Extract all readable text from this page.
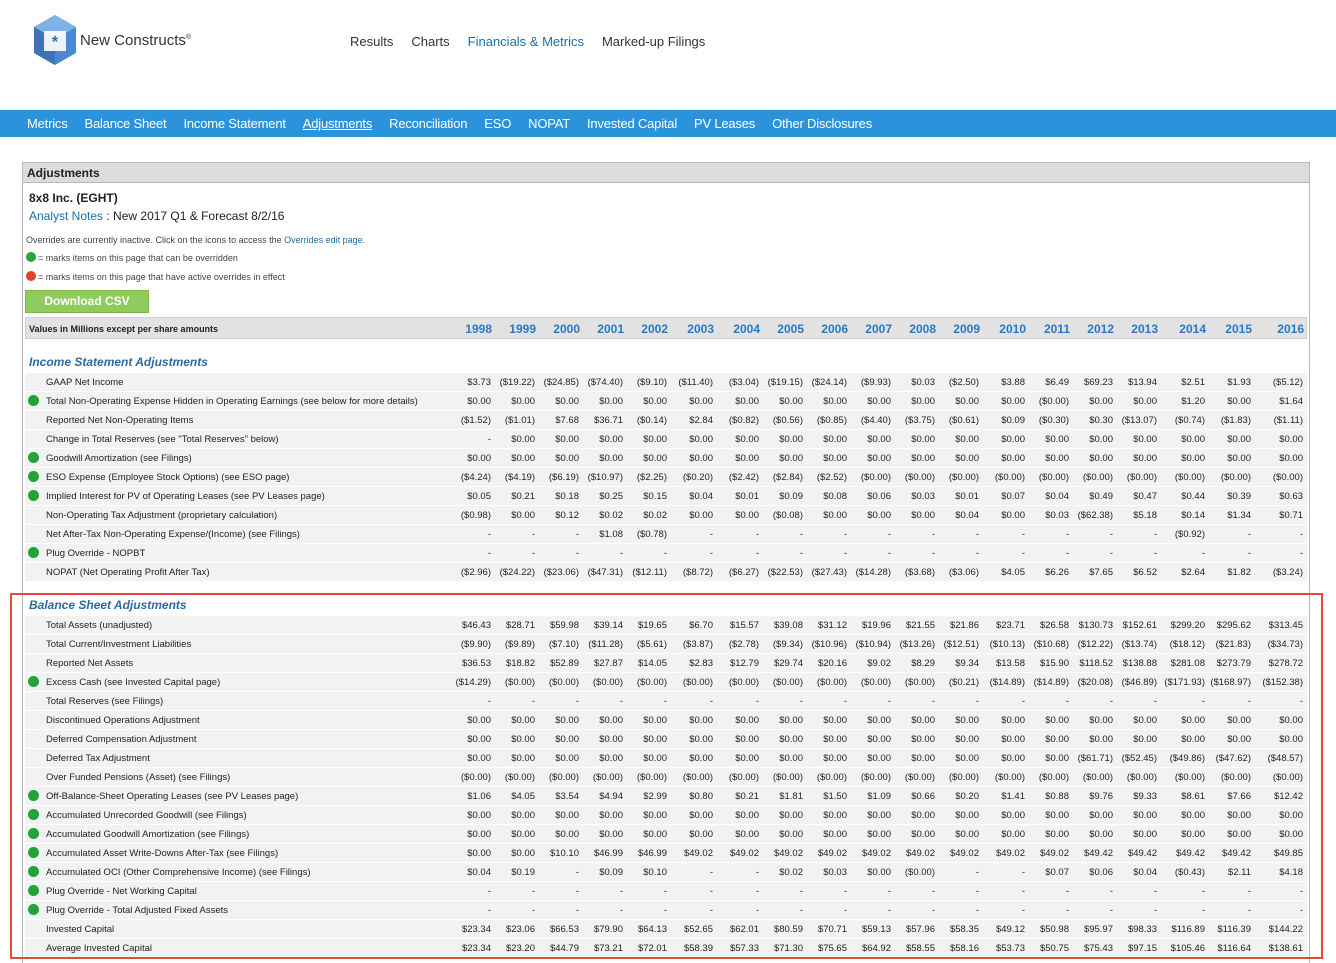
* New Constructs®	Results Charts Financials & Metrics Marked-up Filings
Metrics Balance Sheet Income Statement Adjustments Reconciliation ESO NOPAT Invested Capital PV Leases Other Disclosures
Adjustments
8x8 Inc. (EGHT)
Analyst Notes : New 2017 Q1 & Forecast 8/2/16
Overrides are currently inactive. Click on the icons to access the Overrides edit page.
= marks items on this page that can be overridden
= marks items on this page that have active overrides in effect
Download CSV
Values in Millions except per share amounts	1998	1999	2000	2001	2002	2003	2004	2005	2006	2007	2008	2009	2010	2011	2012	2013	2014	2015	2016
Income Statement Adjustments
GAAP Net Income	$3.73 ($19.22) ($24.85) ($74.40)	($9.10)	($11.40)	($3.04) ($19.15) ($24.14)	($9.93)	$0.03	($2.50)	$3.88	$6.49	$69.23	$13.94	$2.51	$1.93	($5.12)
Total Non-Operating Expense Hidden in Operating Earnings (see below for more details)	$0.00	$0.00	$0.00	$0.00	$0.00	$0.00	$0.00	$0.00	$0.00	$0.00	$0.00	$0.00	$0.00	($0.00)	$0.00	$0.00	$1.20	$0.00	$1.64
Reported Net Non-Operating Items	($1.52)	($1.01)	$7.68	$36.71	($0.14)	$2.84	($0.82)	($0.56)	($0.85)	($4.40)	($3.75)	($0.61)	$0.09	($0.30)	$0.30 ($13.07)	($0.74)	($1.83)	($1.11)
Change in Total Reserves (see "Total Reserves" below)	-	$0.00	$0.00	$0.00	$0.00	$0.00	$0.00	$0.00	$0.00	$0.00	$0.00	$0.00	$0.00	$0.00	$0.00	$0.00	$0.00	$0.00	$0.00
Goodwill Amortization (see Filings)	$0.00	$0.00	$0.00	$0.00	$0.00	$0.00	$0.00	$0.00	$0.00	$0.00	$0.00	$0.00	$0.00	$0.00	$0.00	$0.00	$0.00	$0.00	$0.00
ESO Expense (Employee Stock Options) (see ESO page)	($4.24)	($4.19)	($6.19) ($10.97)	($2.25)	($0.20)	($2.42)	($2.84)	($2.52)	($0.00)	($0.00)	($0.00)	($0.00)	($0.00)	($0.00)	($0.00)	($0.00)	($0.00)	($0.00)
Implied Interest for PV of Operating Leases (see PV Leases page)	$0.05	$0.21	$0.18	$0.25	$0.15	$0.04	$0.01	$0.09	$0.08	$0.06	$0.03	$0.01	$0.07	$0.04	$0.49	$0.47	$0.44	$0.39	$0.63
Non-Operating Tax Adjustment (proprietary calculation)	($0.98)	$0.00	$0.12	$0.02	$0.02	$0.00	$0.00	($0.08)	$0.00	$0.00	$0.00	$0.04	$0.00	$0.03 ($62.38)	$5.18	$0.14	$1.34	$0.71
Net After-Tax Non-Operating Expense/(Income) (see Filings)	-	-	-	$1.08	($0.78)	-	-	-	-	-	-	-	-	-	-	-	($0.92)	-	-
Plug Override - NOPBT	-	-	-	-	-	-	-	-	-	-	-	-	-	-	-	-	-	-	-
NOPAT (Net Operating Profit After Tax)	($2.96) ($24.22) ($23.06) ($47.31) ($12.11)	($8.72)	($6.27) ($22.53) ($27.43) ($14.28)	($3.68)	($3.06)	$4.05	$6.26	$7.65	$6.52	$2.64	$1.82	($3.24)
Balance Sheet Adjustments
Total Assets (unadjusted)	$46.43	$28.71	$59.98	$39.14	$19.65	$6.70	$15.57	$39.08	$31.12	$19.96	$21.55	$21.86	$23.71	$26.58	$130.73	$152.61	$299.20	$295.62	$313.45
Total Current/Investment Liabilities	($9.90)	($9.89)	($7.10) ($11.28)	($5.61)	($3.87)	($2.78)	($9.34) ($10.96) ($10.94) ($13.26) ($12.51)	($10.13) ($10.68) ($12.22) ($13.74)	($18.12)	($21.83)	($34.73)
Reported Net Assets	$36.53	$18.82	$52.89	$27.87	$14.05	$2.83	$12.79	$29.74	$20.16	$9.02	$8.29	$9.34	$13.58	$15.90	$118.52	$138.88	$281.08	$273.79	$278.72
Excess Cash (see Invested Capital page)	($14.29)	($0.00)	($0.00)	($0.00)	($0.00)	($0.00)	($0.00)	($0.00)	($0.00)	($0.00)	($0.00)	($0.21)	($14.89) ($14.89) ($20.08) ($46.89) ($171.93) ($168.97)	($152.38)
Total Reserves (see Filings)	-	-	-	-	-	-	-	-	-	-	-	-	-	-	-	-	-	-	-
Discontinued Operations Adjustment	$0.00	$0.00	$0.00	$0.00	$0.00	$0.00	$0.00	$0.00	$0.00	$0.00	$0.00	$0.00	$0.00	$0.00	$0.00	$0.00	$0.00	$0.00	$0.00
Deferred Compensation Adjustment	$0.00	$0.00	$0.00	$0.00	$0.00	$0.00	$0.00	$0.00	$0.00	$0.00	$0.00	$0.00	$0.00	$0.00	$0.00	$0.00	$0.00	$0.00	$0.00
Deferred Tax Adjustment	$0.00	$0.00	$0.00	$0.00	$0.00	$0.00	$0.00	$0.00	$0.00	$0.00	$0.00	$0.00	$0.00	$0.00 ($61.71) ($52.45)	($49.86)	($47.62)	($48.57)
Over Funded Pensions (Asset) (see Filings)	($0.00)	($0.00)	($0.00)	($0.00)	($0.00)	($0.00)	($0.00)	($0.00)	($0.00)	($0.00)	($0.00)	($0.00)	($0.00)	($0.00)	($0.00)	($0.00)	($0.00)	($0.00)	($0.00)
Off-Balance-Sheet Operating Leases (see PV Leases page)	$1.06	$4.05	$3.54	$4.94	$2.99	$0.80	$0.21	$1.81	$1.50	$1.09	$0.66	$0.20	$1.41	$0.88	$9.76	$9.33	$8.61	$7.66	$12.42
Accumulated Unrecorded Goodwill (see Filings)	$0.00	$0.00	$0.00	$0.00	$0.00	$0.00	$0.00	$0.00	$0.00	$0.00	$0.00	$0.00	$0.00	$0.00	$0.00	$0.00	$0.00	$0.00	$0.00
Accumulated Goodwill Amortization (see Filings)	$0.00	$0.00	$0.00	$0.00	$0.00	$0.00	$0.00	$0.00	$0.00	$0.00	$0.00	$0.00	$0.00	$0.00	$0.00	$0.00	$0.00	$0.00	$0.00
Accumulated Asset Write-Downs After-Tax (see Filings)	$0.00	$0.00	$10.10	$46.99	$46.99	$49.02	$49.02	$49.02	$49.02	$49.02	$49.02	$49.02	$49.02	$49.02	$49.42	$49.42	$49.42	$49.42	$49.85
Accumulated OCI (Other Comprehensive Income) (see Filings)	$0.04	$0.19	-	$0.09	$0.10	-	-	$0.02	$0.03	$0.00	($0.00)	-	-	$0.07	$0.06	$0.04	($0.43)	$2.11	$4.18
Plug Override - Net Working Capital	-	-	-	-	-	-	-	-	-	-	-	-	-	-	-	-	-	-	-
Plug Override - Total Adjusted Fixed Assets	-	-	-	-	-	-	-	-	-	-	-	-	-	-	-	-	-	-	-
Invested Capital	$23.34	$23.06	$66.53	$79.90	$64.13	$52.65	$62.01	$80.59	$70.71	$59.13	$57.96	$58.35	$49.12	$50.98	$95.97	$98.33	$116.89	$116.39	$144.22
Average Invested Capital	$23.34	$23.20	$44.79	$73.21	$72.01	$58.39	$57.33	$71.30	$75.65	$64.92	$58.55	$58.16	$53.73	$50.75	$75.43	$97.15	$105.46	$116.64	$138.61
